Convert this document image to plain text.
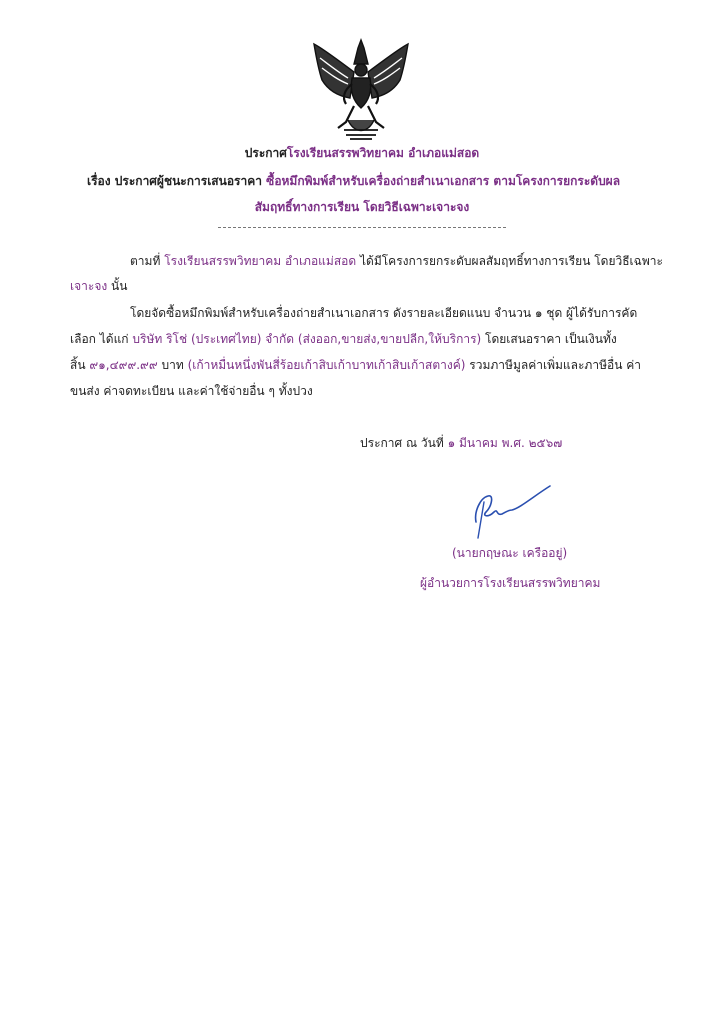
ประกาศโรงเรียนสรรพวิทยาคม อำเภอแม่สอด
เรื่อง ประกาศผู้ชนะการเสนอราคา ซื้อหมึกพิมพ์สำหรับเครื่องถ่ายสำเนาเอกสาร ตามโครงการยกระดับผล
สัมฤทธิ์ทางการเรียน โดยวิธีเฉพาะเจาะจง
ตามที่ โรงเรียนสรรพวิทยาคม อำเภอแม่สอด ได้มีโครงการยกระดับผลสัมฤทธิ์ทางการเรียน โดยวิธีเฉพาะ
เจาะจง นั้น
โดยจัดซื้อหมึกพิมพ์สำหรับเครื่องถ่ายสำเนาเอกสาร ดังรายละเอียดแนบ จำนวน ๑ ชุด ผู้ได้รับการคัด
เลือก ได้แก่ บริษัท ริโช่ (ประเทศไทย) จำกัด (ส่งออก,ขายส่ง,ขายปลีก,ให้บริการ) โดยเสนอราคา เป็นเงินทั้ง
สิ้น ๙๑,๔๙๙.๙๙ บาท (เก้าหมื่นหนึ่งพันสี่ร้อยเก้าสิบเก้าบาทเก้าสิบเก้าสตางค์) รวมภาษีมูลค่าเพิ่มและภาษีอื่น ค่า
ขนส่ง ค่าจดทะเบียน และค่าใช้จ่ายอื่น ๆ ทั้งปวง
ประกาศ ณ วันที่ ๑ มีนาคม พ.ศ. ๒๕๖๗
(นายกฤษณะ เครืออยู่)
ผู้อำนวยการโรงเรียนสรรพวิทยาคม
